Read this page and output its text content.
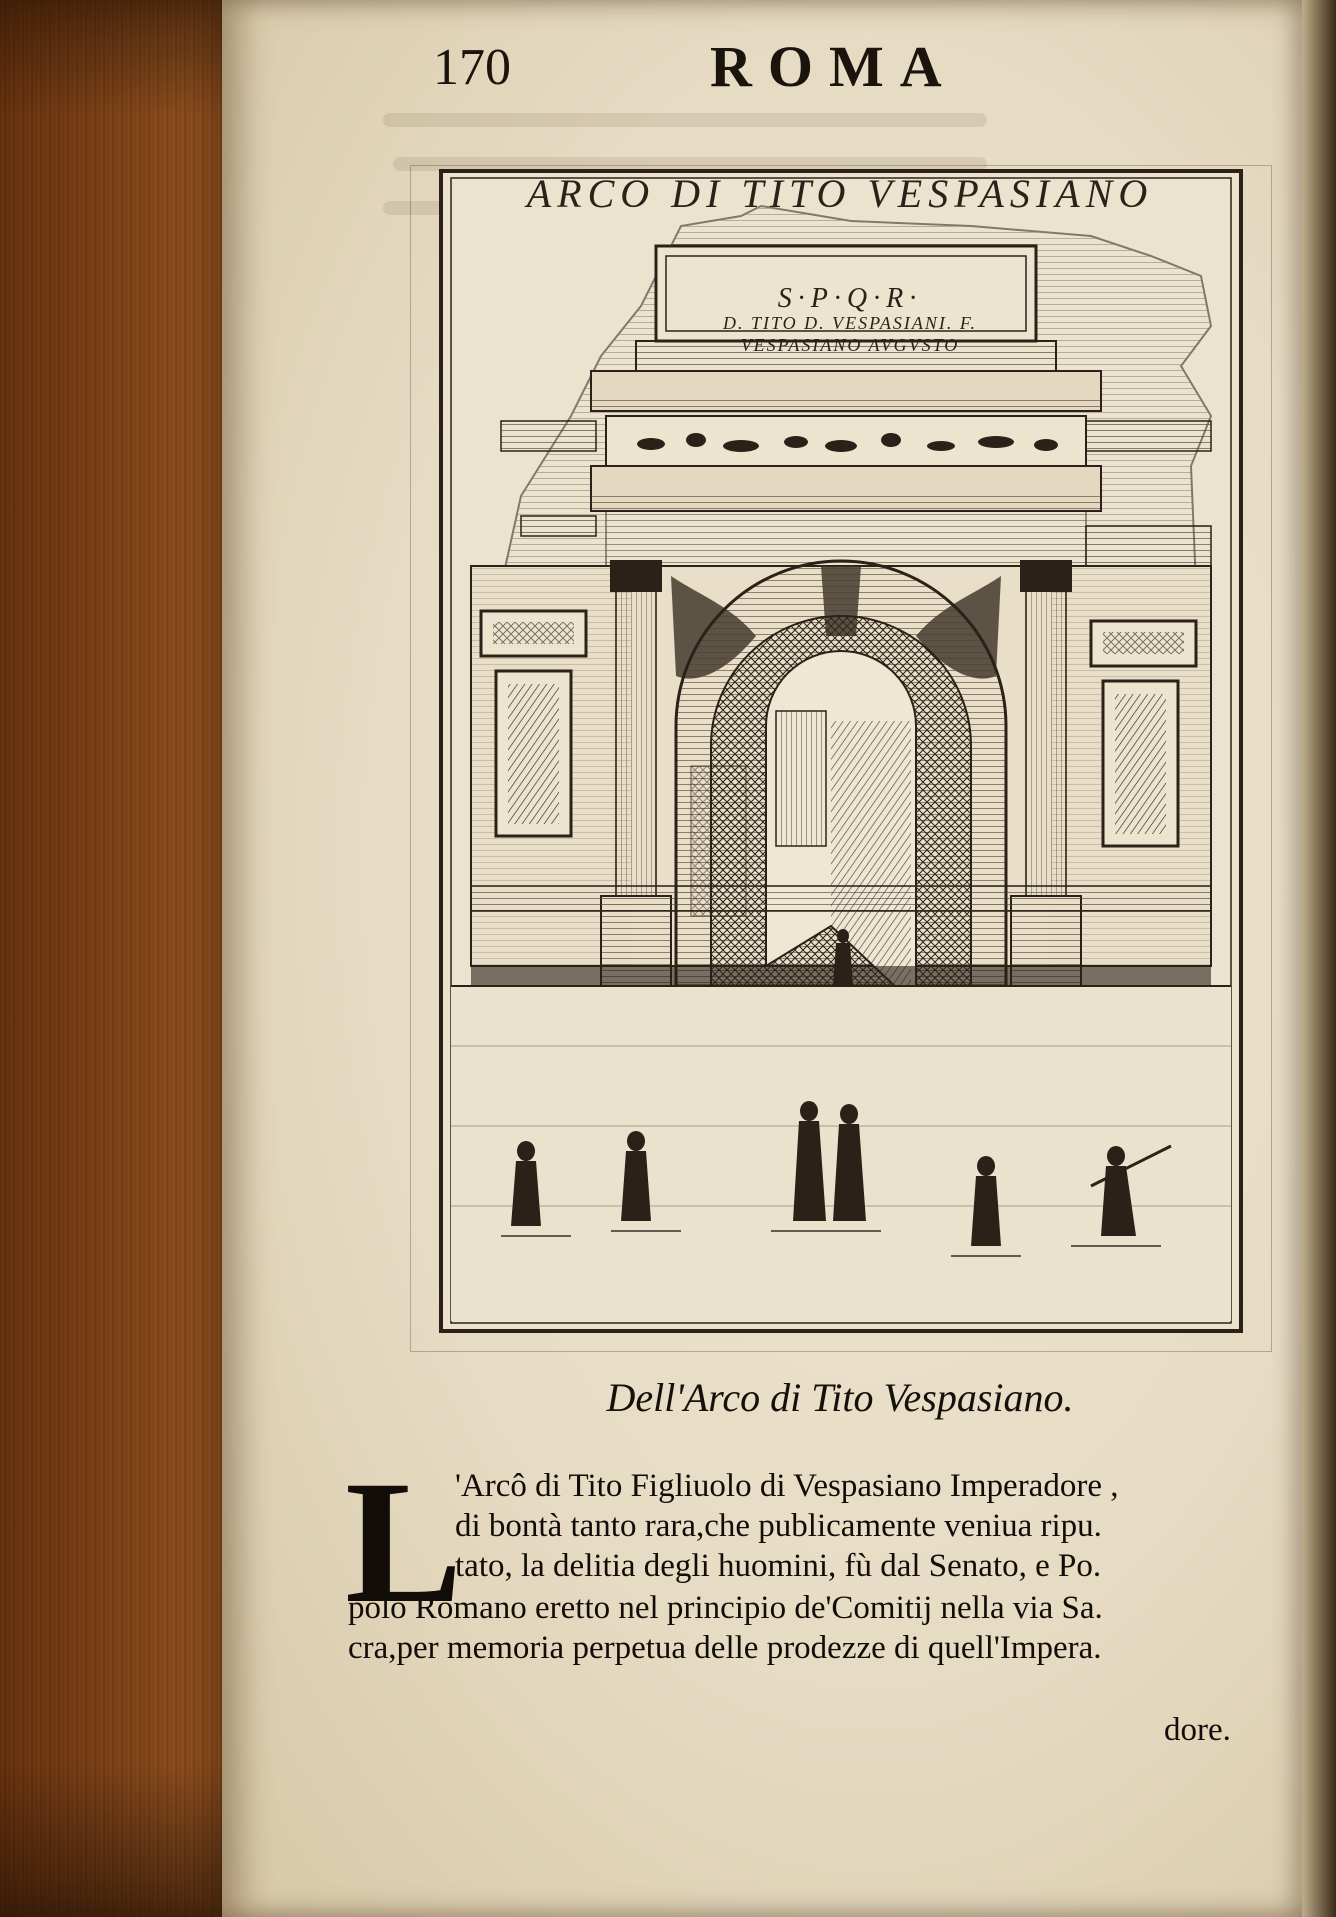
170	ROMA
ARCO DI TITO VESPASIANO
S·P·Q·R·
D. TITO D. VESPASIANI. F.
VESPASIANO AVGVSTO
Dell'Arco di Tito Vespasiano.
L
'Arcô di Tito Figliuolo di Vespasiano Imperadore ,
di bontà tanto rara,che publicamente veniua ripu.
tato, la delitia degli huomini, fù dal Senato, e Po.
polo Romano eretto nel principio de'Comitij nella via Sa.
cra,per memoria perpetua delle prodezze di quell'Impera.
dore.
